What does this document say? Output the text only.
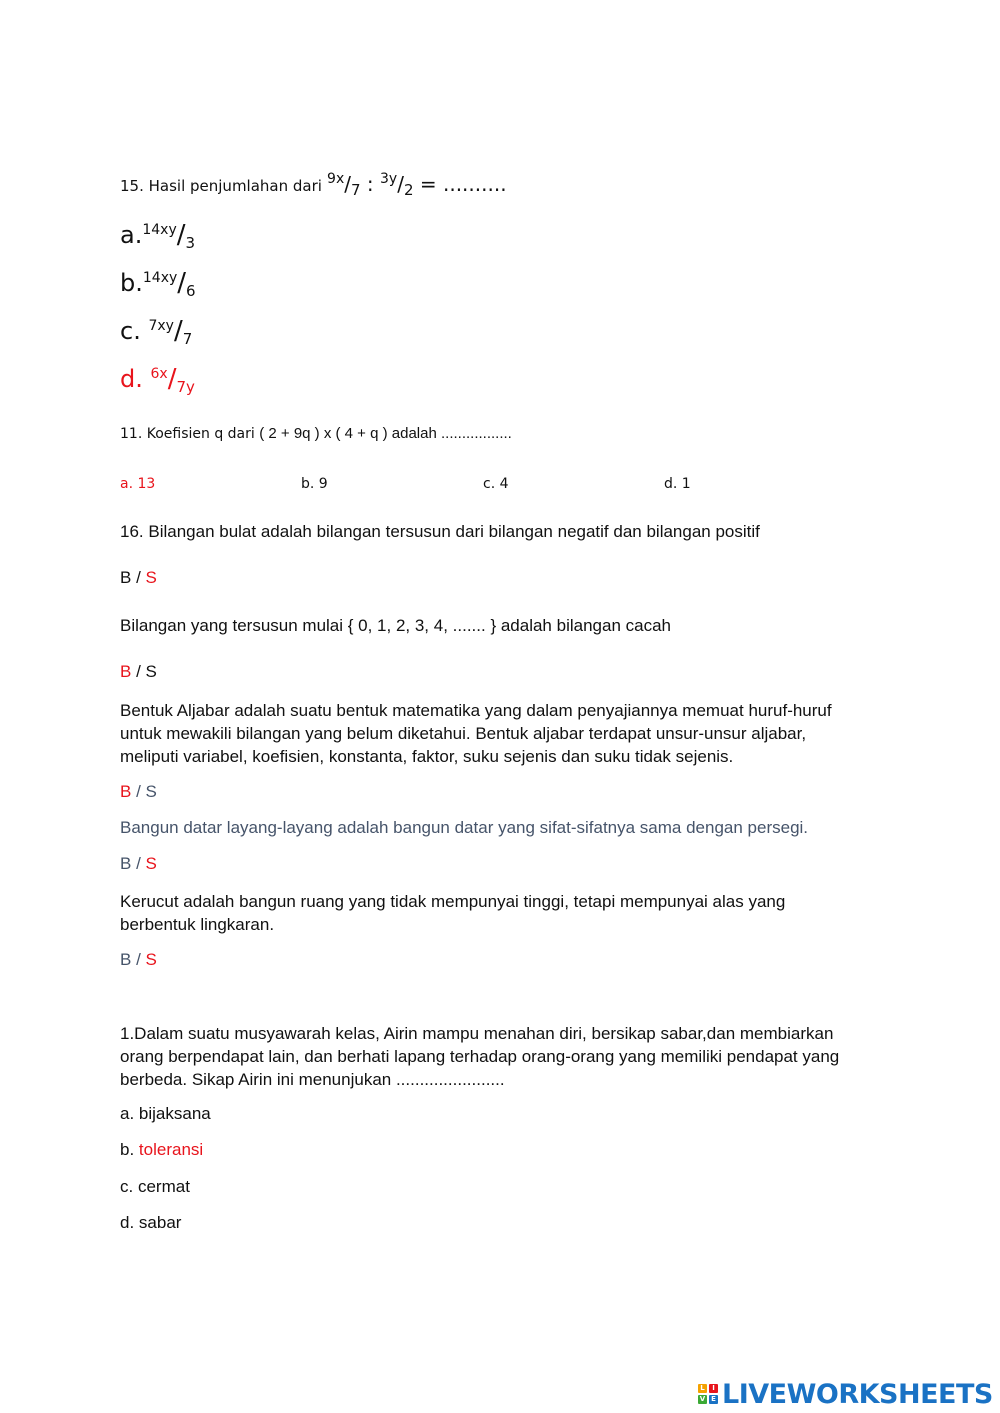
15. Hasil penjumlahan dari $^{9x}/_7$ : $^{3y}/_2$ = ..........
$a.^{14xy}/_3$
$b.^{14xy}/_6$
c. $^{7xy}/_7$
d. $^{6x}/_{7y}$
11. Koefisien q dari ( 2 + 9q ) x ( 4 + q ) adalah .................
a. 13	b. 9	c. 4	d. 1
16. Bilangan bulat adalah bilangan tersusun dari bilangan negatif dan bilangan positif
B / S
Bilangan yang tersusun mulai { 0, 1, 2, 3, 4, ....... } adalah bilangan cacah
B / S
Bentuk Aljabar adalah suatu bentuk matematika yang dalam penyajiannya memuat huruf-huruf untuk mewakili bilangan yang belum diketahui. Bentuk aljabar terdapat unsur-unsur aljabar, meliputi variabel, koefisien, konstanta, faktor, suku sejenis dan suku tidak sejenis.
B / S
Bangun datar layang-layang adalah bangun datar yang sifat-sifatnya sama dengan persegi.
B / S
Kerucut adalah bangun ruang yang tidak mempunyai tinggi, tetapi mempunyai alas yang berbentuk lingkaran.
B / S
1.Dalam suatu musyawarah kelas, Airin mampu menahan diri, bersikap sabar,dan membiarkan orang berpendapat lain, dan berhati lapang terhadap orang-orang yang memiliki pendapat yang berbeda. Sikap Airin ini menunjukan .......................
a. bijaksana
b. toleransi
c. cermat
d. sabar
L	I
V E LIVEWORKSHEETS
